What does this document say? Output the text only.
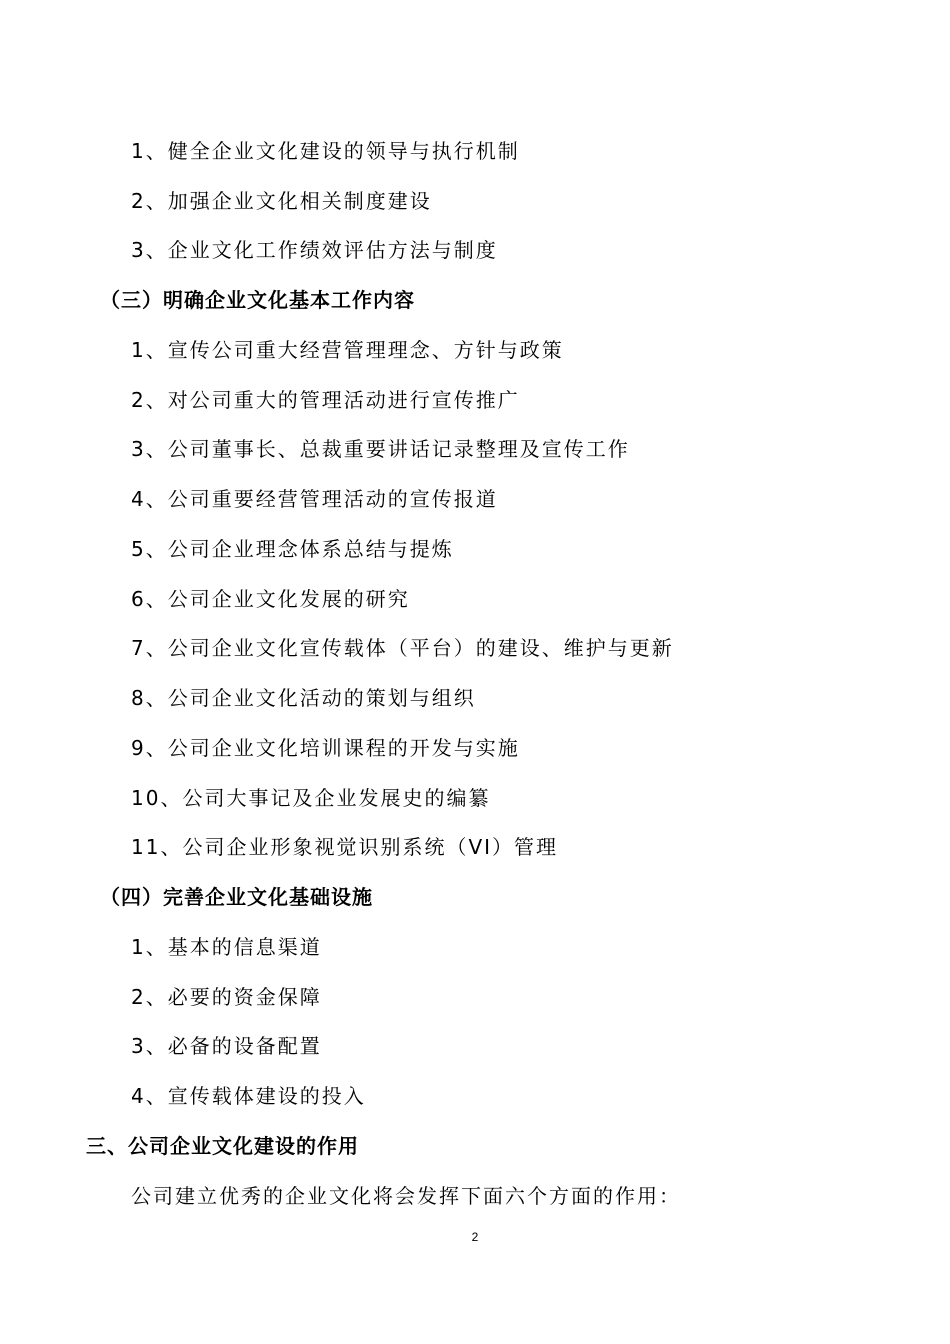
1、健全企业文化建设的领导与执行机制
2、加强企业文化相关制度建设
3、企业文化工作绩效评估方法与制度
（三）明确企业文化基本工作内容
1、宣传公司重大经营管理理念、方针与政策
2、对公司重大的管理活动进行宣传推广
3、公司董事长、总裁重要讲话记录整理及宣传工作
4、公司重要经营管理活动的宣传报道
5、公司企业理念体系总结与提炼
6、公司企业文化发展的研究
7、公司企业文化宣传载体（平台）的建设、维护与更新
8、公司企业文化活动的策划与组织
9、公司企业文化培训课程的开发与实施
10、公司大事记及企业发展史的编纂
11、公司企业形象视觉识别系统（VI）管理
（四）完善企业文化基础设施
1、基本的信息渠道
2、必要的资金保障
3、必备的设备配置
4、宣传载体建设的投入
三、公司企业文化建设的作用
公司建立优秀的企业文化将会发挥下面六个方面的作用：
2
